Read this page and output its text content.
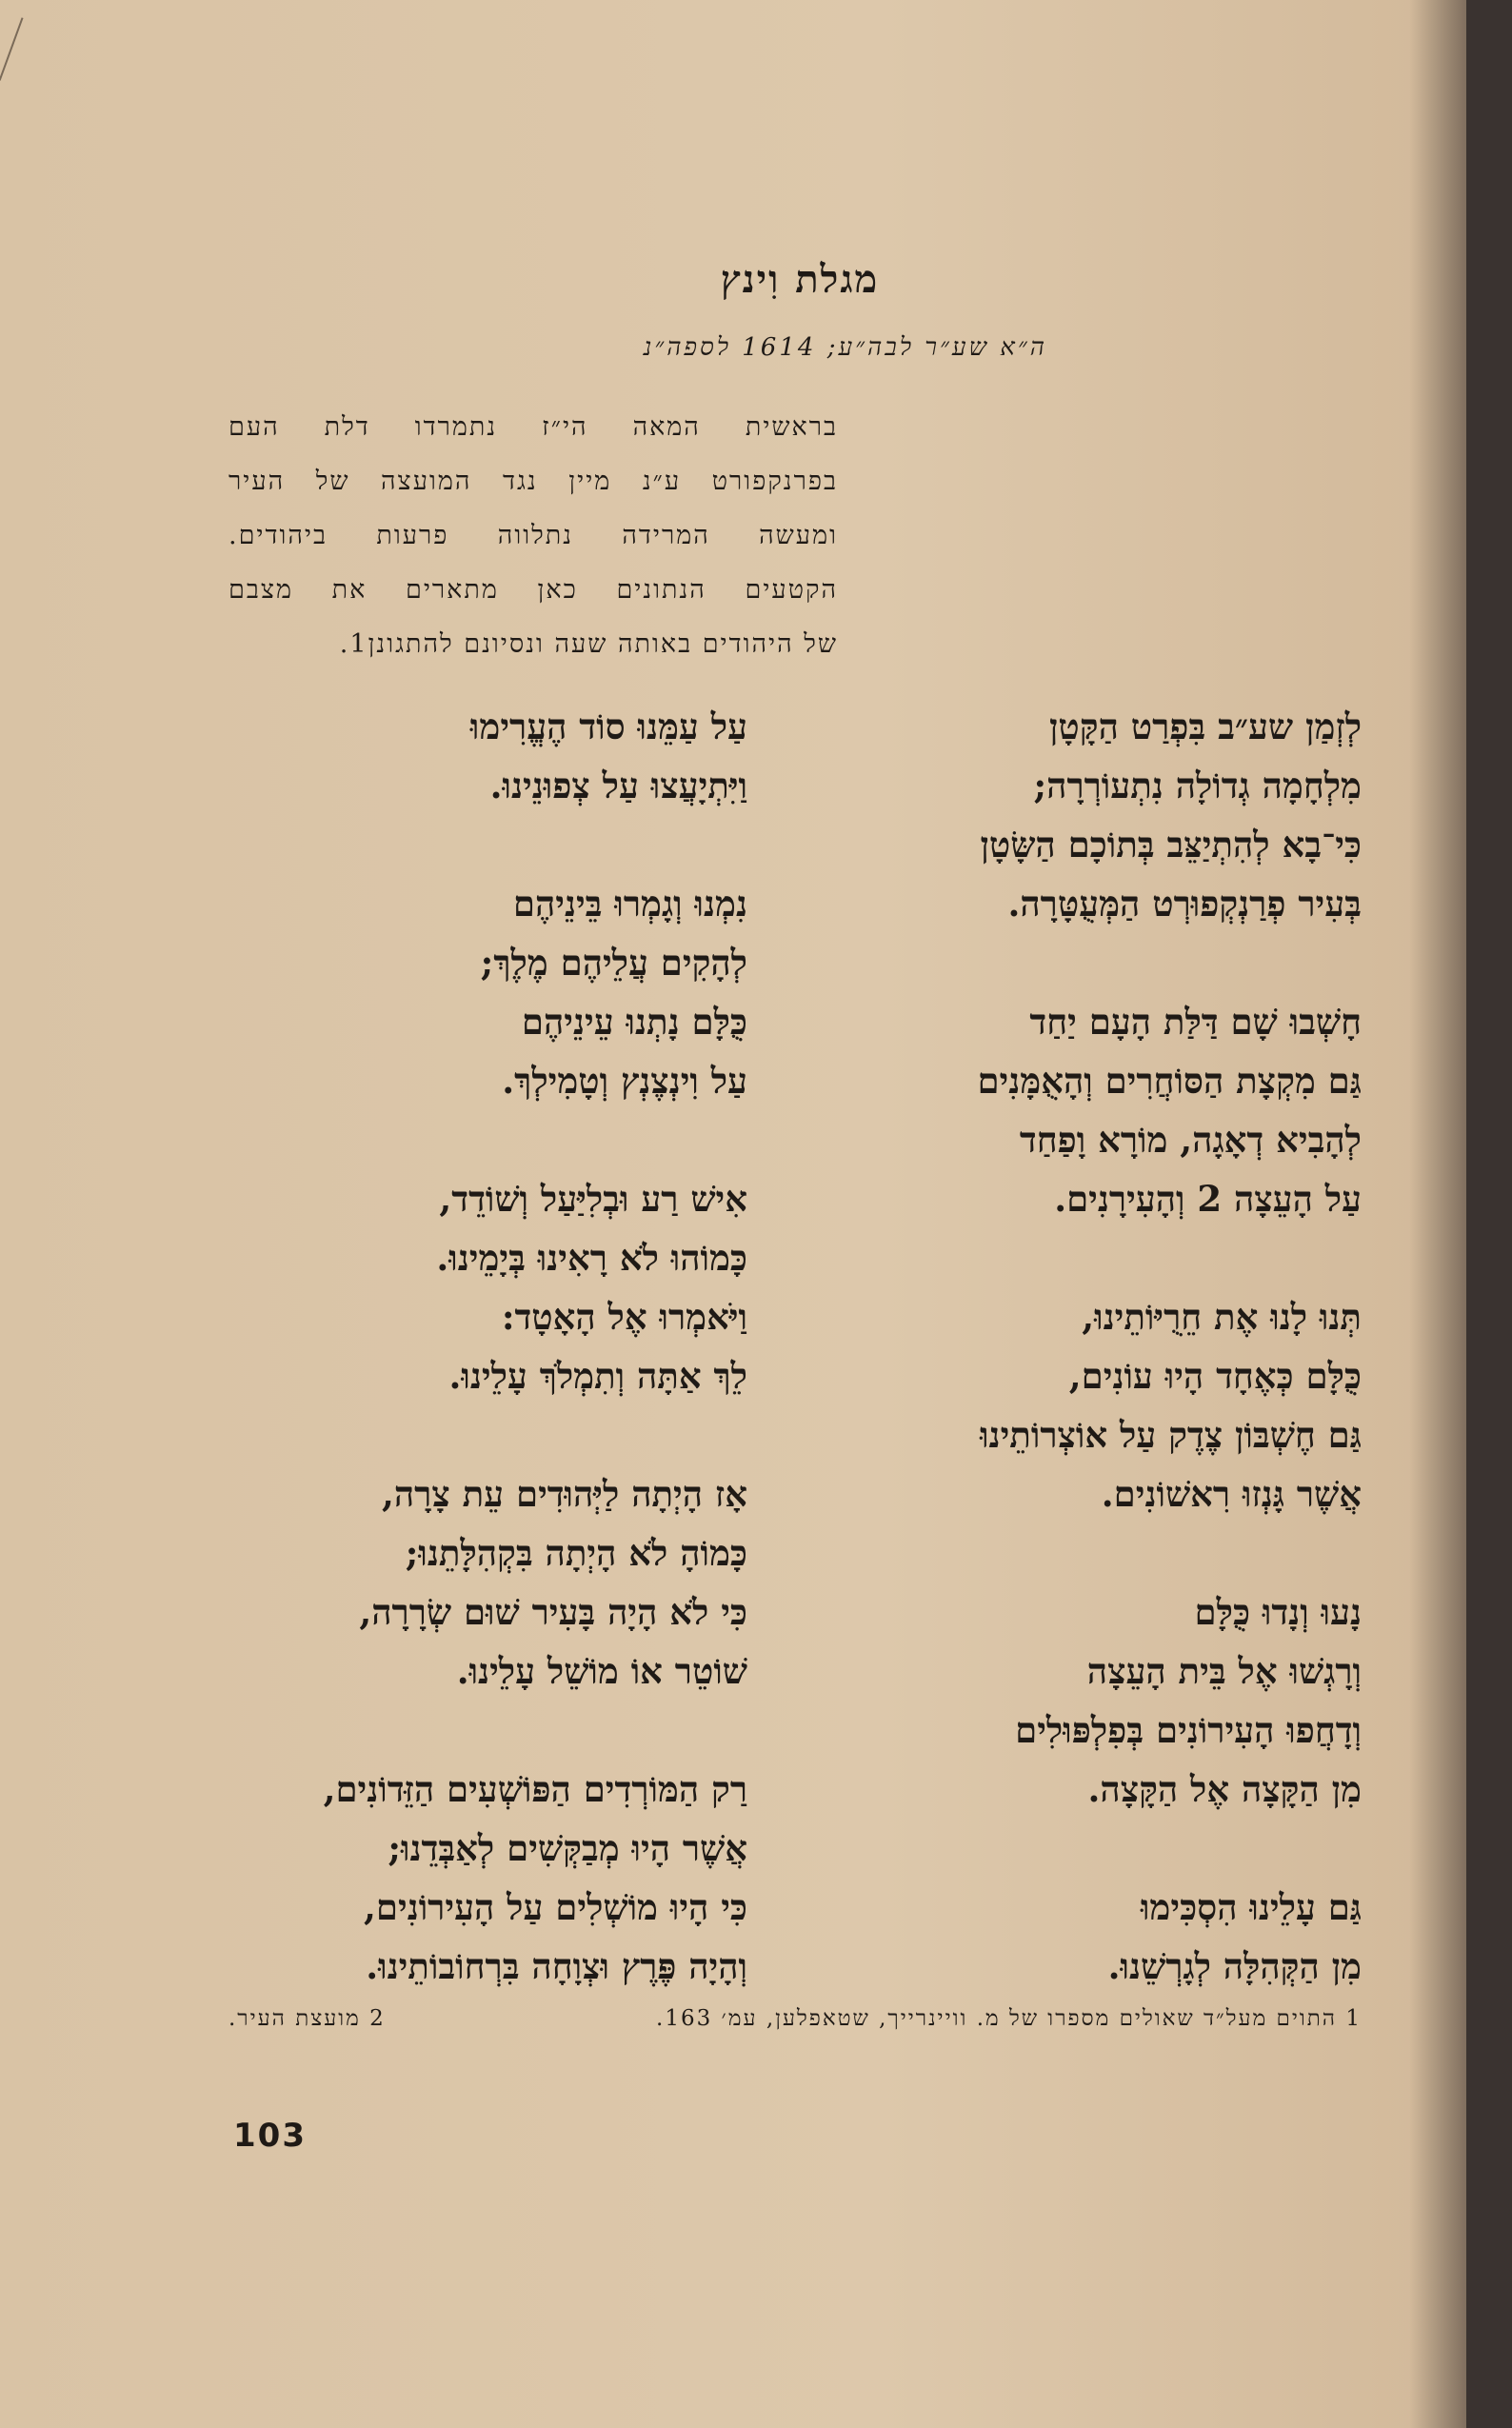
מגלת וִינץ
ה״א שע״ר לבה״ע; 1614 לספה״נ
בראשית המאה הי״ז נתמרדו דלת העם
בפרנקפורט ע״נ מיין נגד המועצה של העיר
ומעשה המרידה נתלווה פרעות ביהודים.
הקטעים הנתונים כאן מתארים את מצבם
של היהודים באותה שעה ונסיונם להתגונן1.
לְזְמַן שע״ב בִּפְרַט הַקָּטָן
מִלְחָמָה גְדוֹלָה נִתְעוֹרְרָה;
כִּי־בָא לְהִתְיַצֵּב בְּתוֹכָם הַשָּׂטָן
בְּעִיר פְרַנְקְפוּרְט הַמְּעֻטָּרָה.
חָשְׁבוּ שָׁם דַּלַּת הָעָם יַחַד
גַּם מִקְצָת הַסּוֹחֲרִים וְהָאֻמָּנִים
לְהָבִיא דְאָגָה, מוֹרָא וָפַחַד
עַל הָעֵצָה 2 וְהָעִירָנִים.
תְּנוּ לָנוּ אֶת חֵרֻיּוֹתֵינוּ,
כֻּלָּם כְּאֶחָד הָיוּ עוֹנִים,
גַּם חֶשְׁבּוֹן צֶדֶק עַל אוֹצְרוֹתֵינוּ
אֲשֶׁר גָּנְזוּ רִאשׁוֹנִים.
נָעוּ וְנָדוּ כֻּלָּם
וְרָגְשׁוּ אֶל בֵּית הָעֵצָה
וְדָחֲפוּ הָעִירוֹנִים בְּפִלְפּוּלִים
מִן הַקָּצָה אֶל הַקָּצָה.
גַּם עָלֵינוּ הִסְכִּימוּ
מִן הַקְּהִלָּה לְגָרְשֵׁנוּ.
עַל עַמֵּנוּ סוֹד הֶעֱרִימוּ
וַיִּתְיָעֲצוּ עַל צְפוּנֵינוּ.
נִמְנוּ וְגָמְרוּ בֵּינֵיהֶם
לְהָקִים עֲלֵיהֶם מֶלֶךְ;
כֻּלָּם נָתְנוּ עֵינֵיהֶם
עַל וִינְצֶנְץ וְטָמִילְךְ.
אִישׁ רַע וּבְלִיַּעַל וְשׁוֹדֵד,
כָּמוֹהוּ לֹא רָאִינוּ בְּיָמֵינוּ.
וַיֹּאמְרוּ אֶל הָאָטָד:
לֵךְ אַתָּה וְתִמְלֹךְ עָלֵינוּ.
אָז הָיְתָה לַיְּהוּדִים עֵת צָרָה,
כָּמוֹהָ לֹא הָיְתָה בִּקְהִלָּתֵנוּ;
כִּי לֹא הָיָה בָּעִיר שׁוּם שְׂרָרָה,
שׁוֹטֵר אוֹ מוֹשֵׁל עָלֵינוּ.
רַק הַמּוֹרְדִים הַפּוֹשְׁעִים הַזֵּדוֹנִים,
אֲשֶׁר הָיוּ מְבַקְּשִׁים לְאַבְּדֵנוּ;
כִּי הָיוּ מוֹשְׁלִים עַל הָעִירוֹנִים,
וְהָיָה פֶּרֶץ וּצְוָחָה בִּרְחוֹבוֹתֵינוּ.
1 התוים מעל״ד שאולים מספרו של מ. וויינרייך, שטאפלען, עמ׳ 163.
2 מועצת העיר.
103
